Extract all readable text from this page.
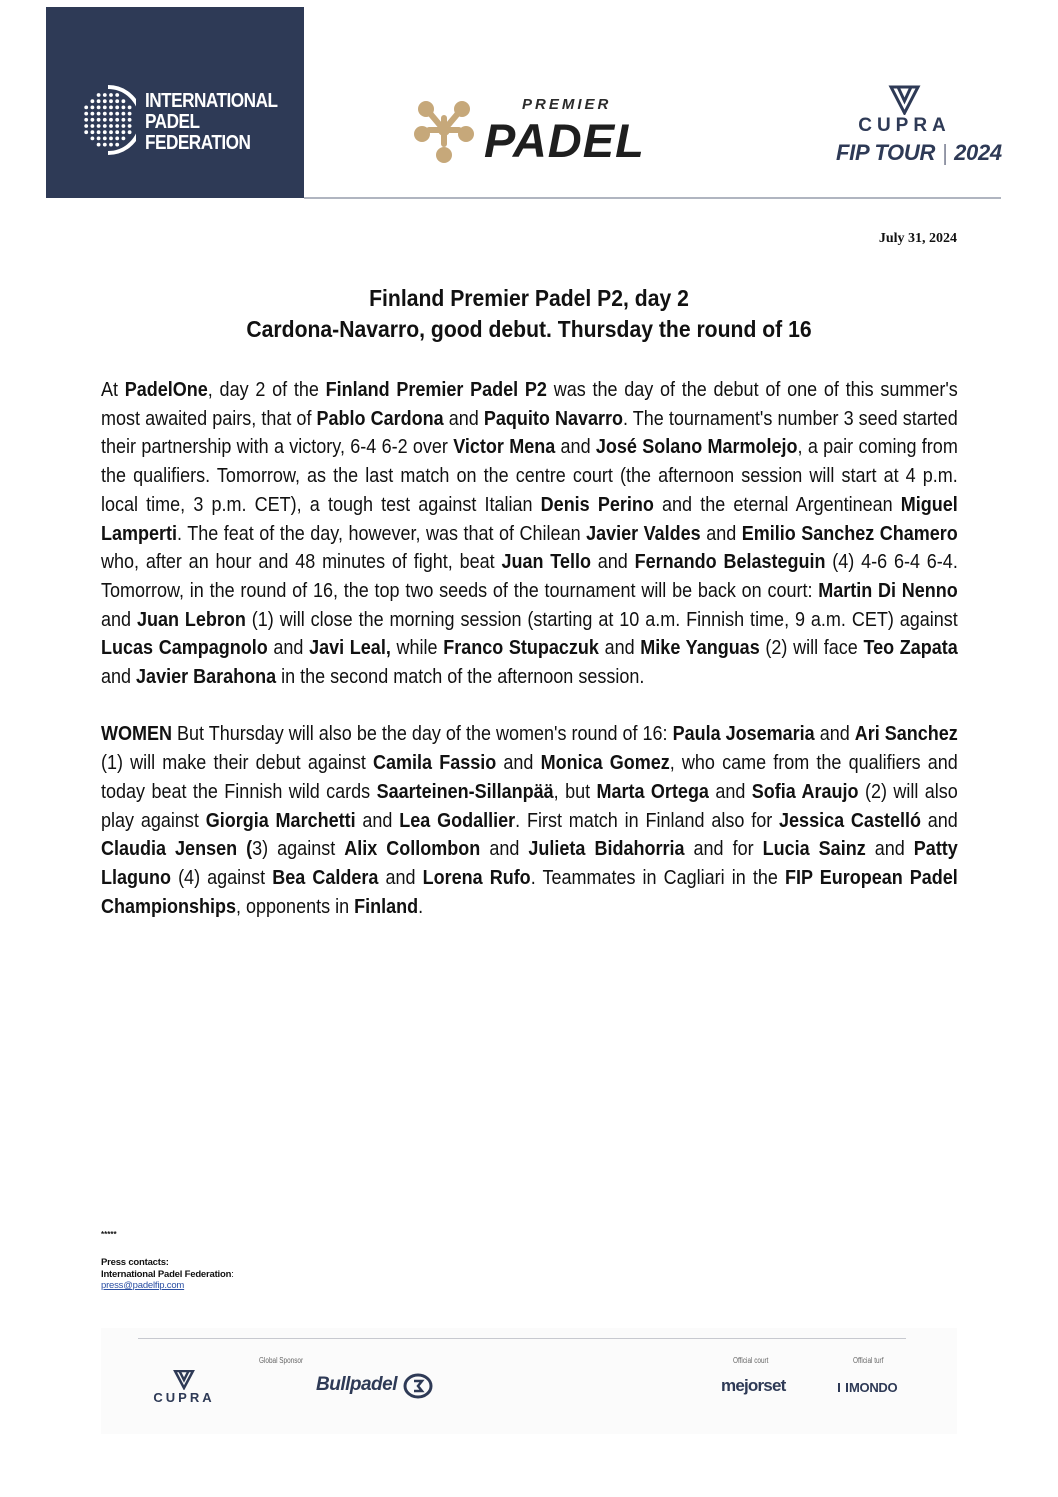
INTERNATIONAL
PADEL
FEDERATION
PREMIER
PADEL	CUPRA
FIP TOUR | 2024
July 31, 2024
Finland Premier Padel P2, day 2
Cardona-Navarro, good debut. Thursday the round of 16

At PadelOne, day 2 of the Finland Premier Padel P2 was the day of the debut of one of this summer's most awaited pairs, that of Pablo Cardona and Paquito Navarro. The tournament's number 3 seed started their partnership with a victory, 6-4 6-2 over Victor Mena and José Solano Marmolejo, a pair coming from the qualifiers. Tomorrow, as the last match on the centre court (the afternoon session will start at 4 p.m. local time, 3 p.m. CET), a tough test against Italian Denis Perino and the eternal Argentinean Miguel Lamperti. The feat of the day, however, was that of Chilean Javier Valdes and Emilio Sanchez Chamero who, after an hour and 48 minutes of fight, beat Juan Tello and Fernando Belasteguin (4) 4-6 6-4 6-4. Tomorrow, in the round of 16, the top two seeds of the tournament will be back on court: Martin Di Nenno and Juan Lebron (1) will close the morning session (starting at 10 a.m. Finnish time, 9 a.m. CET) against Lucas Campagnolo and Javi Leal, while Franco Stupaczuk and Mike Yanguas (2) will face Teo Zapata and Javier Barahona in the second match of the afternoon session.

WOMEN But Thursday will also be the day of the women's round of 16: Paula Josemaria and Ari Sanchez (1) will make their debut against Camila Fassio and Monica Gomez, who came from the qualifiers and today beat the Finnish wild cards Saarteinen-Sillanpää, but Marta Ortega and Sofia Araujo (2) will also play against Giorgia Marchetti and Lea Godallier. First match in Finland also for Jessica Castelló and Claudia Jensen (3) against Alix Collombon and Julieta Bidahorria and for Lucia Sainz and Patty Llaguno (4) against Bea Caldera and Lorena Rufo. Teammates in Cagliari in the FIP European Padel Championships, opponents in Finland.

*****
Press contacts:
International Padel Federation:
press@padelfip.com
Global Sponsor	Official court	Official turf
CUPRA
Bullpadel	mejorset	MONDO
